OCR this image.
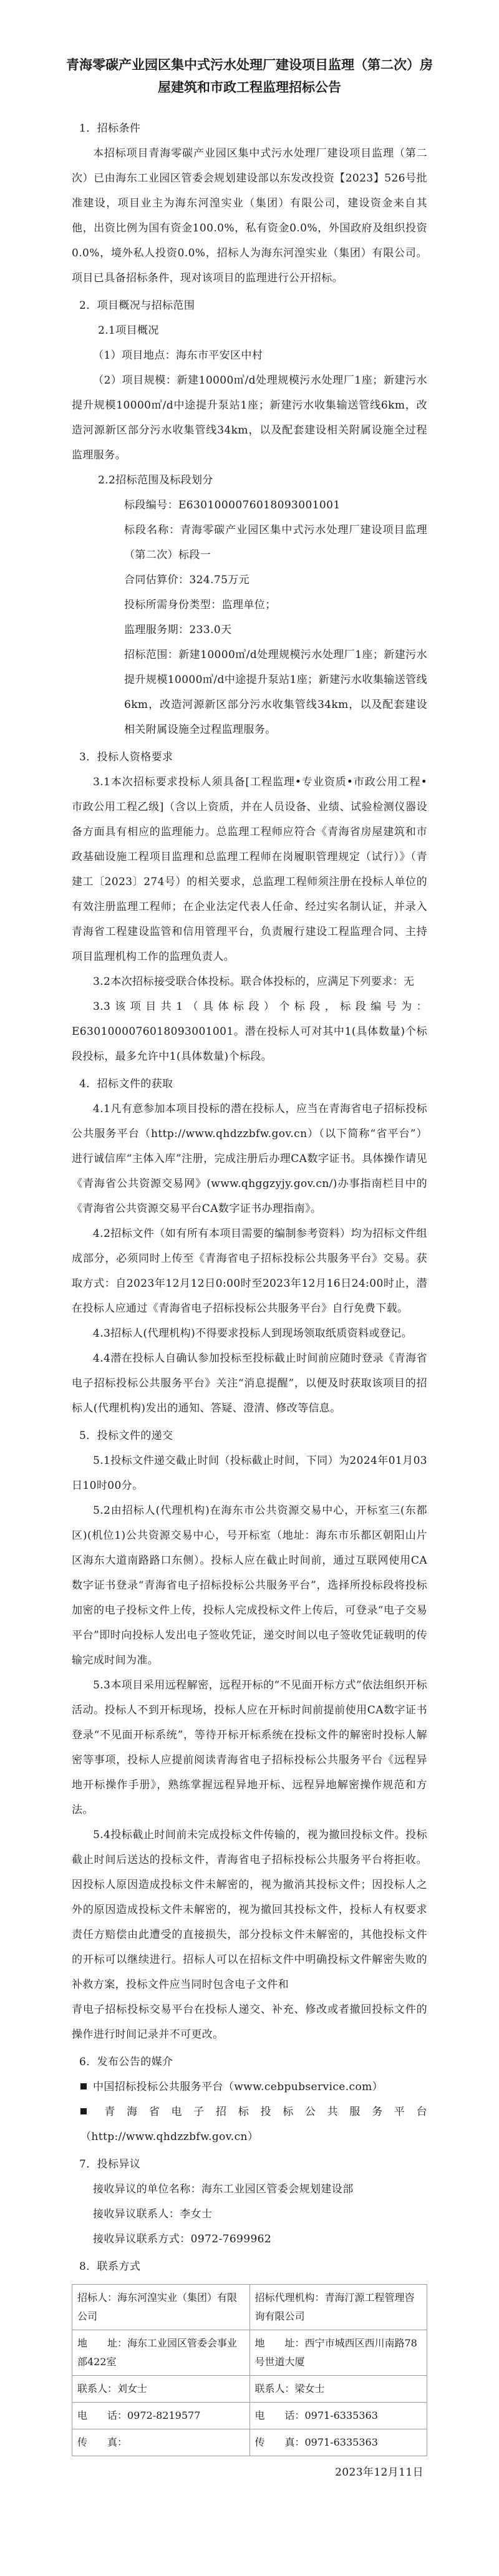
青海零碳产业园区集中式污水处理厂建设项目监理（第二次）房屋建筑和市政工程监理招标公告

1．招标条件

本招标项目青海零碳产业园区集中式污水处理厂建设项目监理（第二次）已由海东工业园区管委会规划建设部以东发改投资【2023】526号批准建设，项目业主为海东河湟实业（集团）有限公司，建设资金来自其他，出资比例为国有资金100.0%，私有资金0.0%，外国政府及组织投资0.0%，境外私人投资0.0%，招标人为海东河湟实业（集团）有限公司。项目已具备招标条件，现对该项目的监理进行公开招标。

2．项目概况与招标范围

2.1项目概况

（1）项目地点：海东市平安区中村

（2）项目规模：新建10000㎥/d处理规模污水处理厂1座；新建污水提升规模10000㎥/d中途提升泵站1座；新建污水收集输送管线6km，改造河源新区部分污水收集管线34km，以及配套建设相关附属设施全过程监理服务。

2.2招标范围及标段划分

标段编号：E6301000076018093001001

标段名称：青海零碳产业园区集中式污水处理厂建设项目监理（第二次）标段一

合同估算价：324.75万元

投标所需身份类型：监理单位；

监理服务期：233.0天

招标范围：新建10000㎥/d处理规模污水处理厂1座；新建污水提升规模10000㎥/d中途提升泵站1座；新建污水收集输送管线6km，改造河源新区部分污水收集管线34km，以及配套建设相关附属设施全过程监理服务。

3．投标人资格要求

3.1本次招标要求投标人须具备[工程监理•专业资质•市政公用工程•市政公用工程乙级]（含以上资质，并在人员设备、业绩、试验检测仪器设备方面具有相应的监理能力。总监理工程师应符合《青海省房屋建筑和市政基础设施工程项目监理和总监理工程师在岗履职管理规定（试行）》（青建工〔2023〕274号）的相关要求，总监理工程师须注册在投标人单位的有效注册监理工程师；在企业法定代表人任命、经过实名制认证，并录入青海省工程建设监管和信用管理平台，负责履行建设工程监理合同、主持项目监理机构工作的监理负责人。

3.2本次招标接受联合体投标。联合体投标的，应满足下列要求：无

3.3该项目共1（具体标段）个标段，标段编号为：E6301000076018093001001。潜在投标人可对其中1(具体数量)个标段投标，最多允许中1(具体数量)个标段。

4．招标文件的获取

4.1凡有意参加本项目投标的潜在投标人，应当在青海省电子招标投标公共服务平台（http://www.qhdzzbfw.gov.cn）（以下简称“省平台”）进行诚信库“主体入库”注册，完成注册后办理CA数字证书。具体操作请见《青海省公共资源交易网》(www.qhggzyjy.gov.cn/)办事指南栏目中的《青海省公共资源交易平台CA数字证书办理指南》。

4.2招标文件（如有所有本项目需要的编制参考资料）均为招标文件组成部分，必须同时上传至《青海省电子招标投标公共服务平台》交易。获取方式：自2023年12月12日0:00时至2023年12月16日24:00时止，潜在投标人应通过《青海省电子招标投标公共服务平台》自行免费下载。

4.3招标人(代理机构)不得要求投标人到现场领取纸质资料或登记。

4.4潜在投标人自确认参加投标至投标截止时间前应随时登录《青海省电子招标投标公共服务平台》关注“消息提醒”，以便及时获取该项目的招标人(代理机构)发出的通知、答疑、澄清、修改等信息。

5．投标文件的递交

5.1投标文件递交截止时间（投标截止时间，下同）为2024年01月03日10时00分。

5.2由招标人(代理机构)在海东市公共资源交易中心，开标室三(东都区)(机位1)公共资源交易中心，号开标室（地址：海东市乐都区朝阳山片区海东大道南路路口东侧）。投标人应在截止时间前，通过互联网使用CA数字证书登录“青海省电子招标投标公共服务平台”，选择所投标段将投标加密的电子投标文件上传，投标人完成投标文件上传后，可登录“电子交易平台”即时向投标人发出电子签收凭证，递交时间以电子签收凭证载明的传输完成时间为准。

5.3本项目采用远程解密，远程开标的“不见面开标方式”依法组织开标活动。投标人不到开标现场，投标人应在开标时间前提前使用CA数字证书登录“不见面开标系统”，等待开标开标系统在投标文件的解密时投标人解密等事项，投标人应提前阅读青海省电子招标投标公共服务平台《远程异地开标操作手册》，熟练掌握远程异地开标、远程异地解密操作规范和方法。

5.4投标截止时间前未完成投标文件传输的，视为撤回投标文件。投标截止时间后送达的投标文件，青海省电子招标投标公共服务平台将拒收。因投标人原因造成投标文件未解密的，视为撤消其投标文件；因投标人之外的原因造成投标文件未解密的，视为撤回其投标文件，投标人有权要求责任方赔偿由此遭受的直接损失，部分投标文件未解密的，其他投标文件的开标可以继续进行。招标人可以在招标文件中明确投标文件解密失败的补救方案，投标文件应当同时包含电子文件和

青电子招标投标交易平台在投标人递交、补充、修改或者撤回投标文件的操作进行时间记录并不可更改。

6．发布公告的媒介

中国招标投标公共服务平台（www.cebpubservice.com）

青海省电子招标投标公共服务平台（http://www.qhdzzbfw.gov.cn）

7．投标异议

接收异议的单位名称：海东工业园区管委会规划建设部

接收异议联系人：李女士

接收异议联系方式：0972-7699962

8．联系方式

招标人：海东河湟实业（集团）有限公司	招标代理机构：青海汀源工程管理咨询有限公司
地　　址：海东工业园区管委会事业部422室	地　　址：西宁市城西区西川南路78号世道大厦
联系人：刘女士	联系人：梁女士
电　　话：0972-8219577	电　　话：0971-6335363
传　　真：	传　　真：0971-6335363

2023年12月11日
